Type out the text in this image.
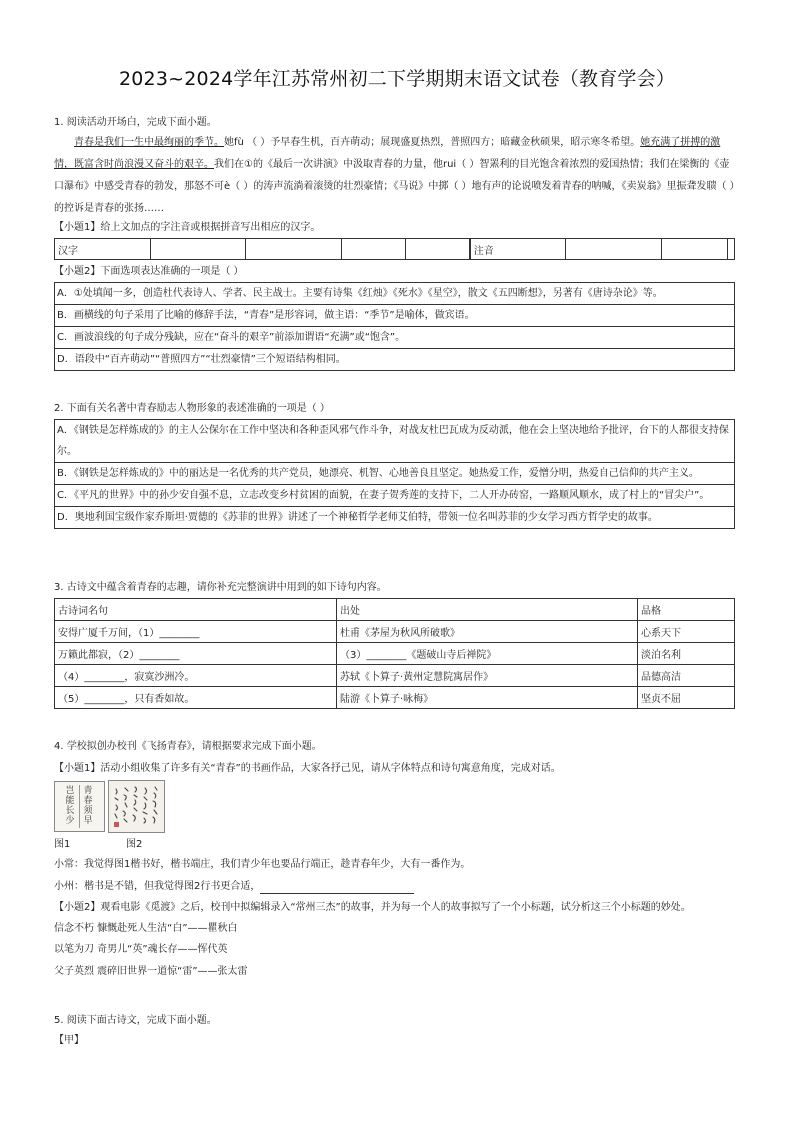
2023~2024学年江苏常州初二下学期期末语文试卷（教育学会）
1. 阅读活动开场白，完成下面小题。
青春是我们一生中最绚丽的季节。她fù （ ）予早春生机，百卉萌动；展现盛夏热烈，普照四方；暗藏金秋硕果，昭示寒冬希望。她充满了拼搏的激情，既富含时尚浪漫又奋斗的艰辛。我们在①的《最后一次讲演》中汲取青春的力量，他rui（ ）智罴利的目光饱含着浓烈的爱国热情；我们在梁衡的《壶口瀑布》中感受青春的勃发，那怒不可è（ ）的涛声流淌着滚烫的壮烈豪情；《马说》中掷（ ）地有声的论说喷发着青春的呐喊，《卖炭翁》里振聋发聩（ ）的控诉是青春的张扬……
【小题1】给上文加点的字注音或根据拼音写出相应的汉字。
汉字						注音			
【小题2】下面选项表达准确的一项是（ ）
A．①处填闻一多，创造杜代表诗人、学者、民主战士。主要有诗集《红烛》《死水》《星空》，散文《五四断想》，另著有《唐诗杂论》等。
B．画横线的句子采用了比喻的修辞手法，“青春”是形容词，做主语：“季节”是喻体，做宾语。
C．画波浪线的句子成分残缺，应在“奋斗的艰辛”前添加谓语“充满”或“饱含”。
D．语段中“百卉萌动”“普照四方”“壮烈豪情”三个短语结构相同。
2. 下面有关名著中青春励志人物形象的表述准确的一项是（ ）
A．《钢铁是怎样炼成的》的主人公保尔在工作中坚决和各种歪风邪气作斗争，对战友杜巴瓦成为反动派，他在会上坚决地给予批评，台下的人都很支持保尔。
B．《钢铁是怎样炼成的》中的丽达是一名优秀的共产党员，她漂亮、机智、心地善良且坚定。她热爱工作，爱憎分明，热爱自己信仰的共产主义。
C．《平凡的世界》中的孙少安自强不息，立志改变乡村贫困的面貌，在妻子贺秀莲的支持下，二人开办砖窑，一路顺风顺水，成了村上的“冒尖户”。
D．奥地利国宝级作家乔斯坦·贾德的《苏菲的世界》讲述了一个神秘哲学老师艾伯特，带领一位名叫苏菲的少女学习西方哲学史的故事。
3. 古诗文中蕴含着青春的志趣，请你补充完整演讲中用到的如下诗句内容。
古诗词名句	出处	品格
安得广厦千万间，（1）________	杜甫《茅屋为秋风所破歌》	心系天下
万籁此都寂，（2）________	（3）________《题破山寺后禅院》	淡泊名利
（4）________，寂寞沙洲冷。	苏轼《卜算子·黄州定慧院寓居作》	品德高洁
（5）________，只有香如故。	陆游《卜算子·咏梅》	坚贞不屈
4. 学校拟创办校刊《飞扬青春》，请根据要求完成下面小题。
【小题1】活动小组收集了许多有关“青春”的书画作品，大家各抒己见，请从字体特点和诗句寓意角度，完成对话。
青
春
须
早
岂
能
长
少
图1	图2
小常：我觉得图1楷书好，楷书端庄，我们青少年也要品行端正，趁青春年少，大有一番作为。
小州：楷书是不错，但我觉得图2行书更合适，
【小题2】观看电影《觅渡》之后，校刊中拟编辑录入“常州三杰”的故事，并为每一个人的故事拟写了一个小标题，试分析这三个小标题的妙处。
信念不朽 慷慨赴死人生洁“白”——瞿秋白
以笔为刀 奇男儿“英”魂长存——恽代英
父子英烈 震碎旧世界一道惊“雷”——张太雷
5. 阅读下面古诗文，完成下面小题。
【甲】
